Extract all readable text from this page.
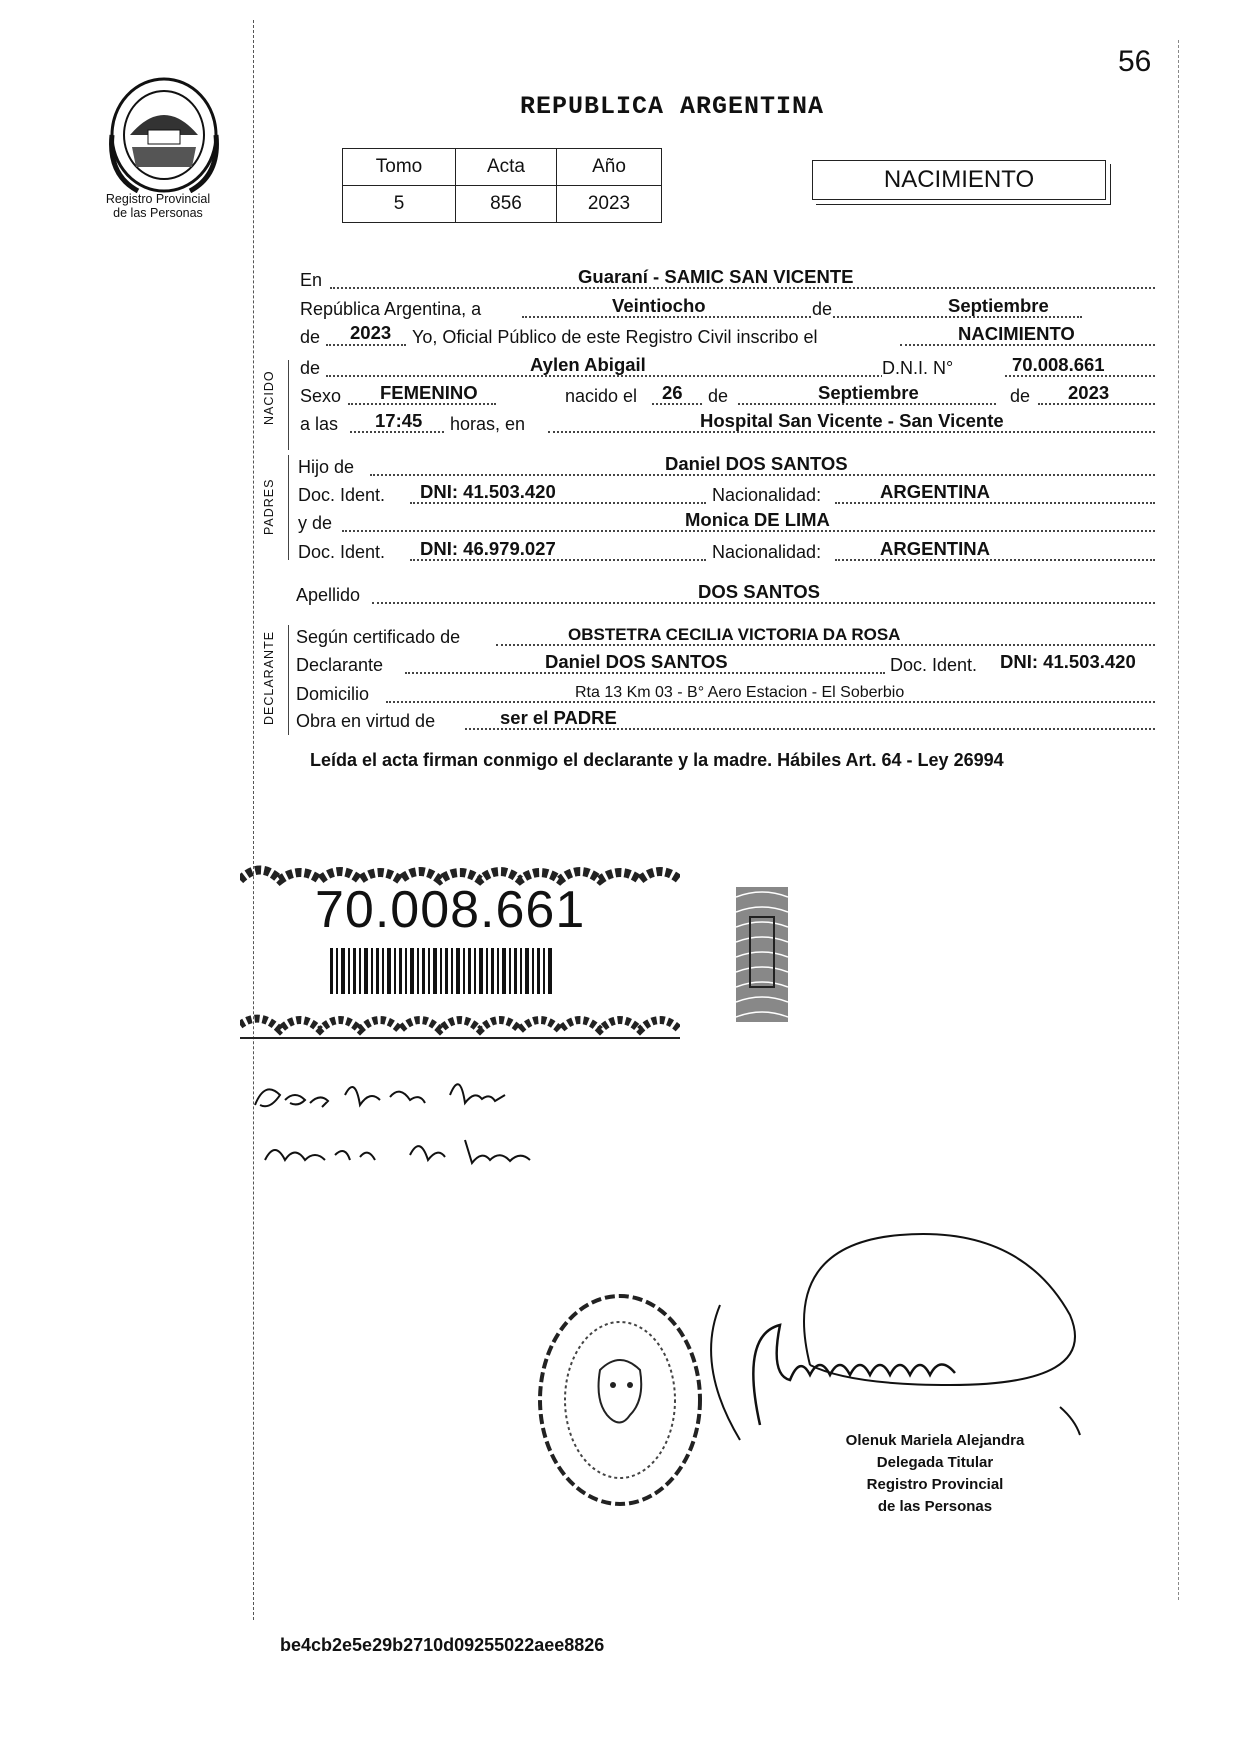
56
Registro Provincial
de las Personas
REPUBLICA ARGENTINA
Tomo	Acta	Año
5	856	2023
NACIMIENTO
NACIDO
PADRES
DECLARANTE
En	Guaraní - SAMIC SAN VICENTE
República Argentina, a	Veintiocho	de	Septiembre
de 2023 Yo, Oficial Público de este Registro Civil inscribo el	NACIMIENTO
de	Aylen Abigail	D.N.I. N°	70.008.661
Sexo FEMENINO	nacido el 26 de	Septiembre	de 2023
a las 17:45 horas, en	Hospital San Vicente - San Vicente
Hijo de	Daniel DOS SANTOS
Doc. Ident. DNI: 41.503.420	Nacionalidad:	ARGENTINA
y de	Monica DE LIMA
Doc. Ident. DNI: 46.979.027	Nacionalidad:	ARGENTINA
Apellido	DOS SANTOS
Según certificado de	OBSTETRA CECILIA VICTORIA DA ROSA
Declarante	Daniel DOS SANTOS	Doc. Ident. DNI: 41.503.420
Domicilio	Rta 13 Km 03 - B° Aero Estacion - El Soberbio
Obra en virtud de	ser el PADRE
Leída el acta firman conmigo el declarante y la madre. Hábiles Art. 64 - Ley 26994
70.008.661
Olenuk Mariela Alejandra
Delegada Titular
Registro Provincial
de las Personas
be4cb2e5e29b2710d09255022aee8826
